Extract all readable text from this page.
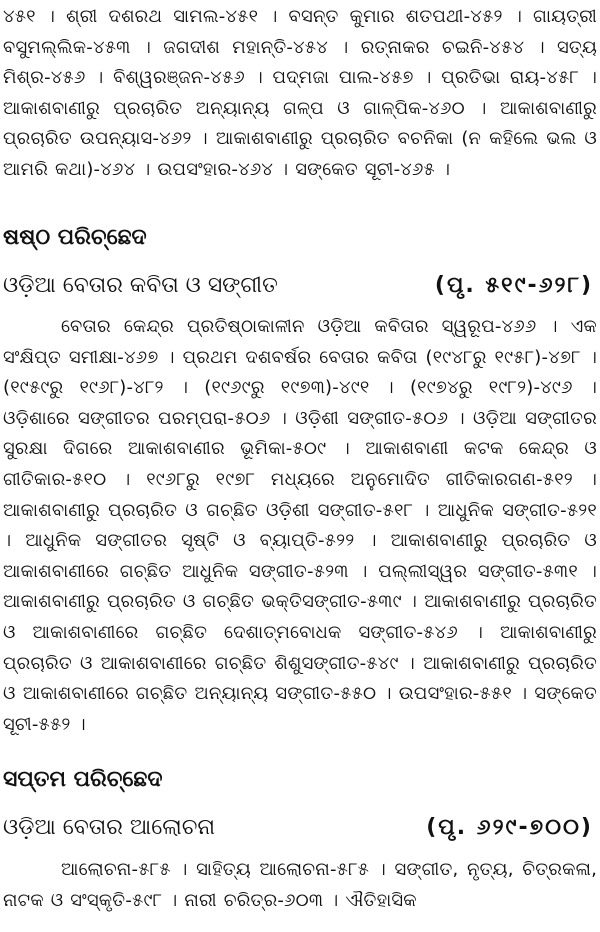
୪୫୧ । ଶ୍ରୀ ଦଶରଥ ସାମଲ-୪୫୧ । ବସନ୍ତ କୁମାର ଶତପଥୀ-୪୫୨ । ଗାୟତ୍ରୀ ବସୁମଲ୍ଲିକ-୪୫୩ । ଜଗଦୀଶ ମହାନ୍ତି-୪୫୪ । ରତ୍ନାକର ଚଇନି-୪୫୪ । ସତ୍ୟ ମିଶ୍ର-୪୫୬ । ବିଶ୍ୱରଞ୍ଜନ-୪୫୬ । ପଦ୍ମଜା ପାଲ-୪୫୭ । ପ୍ରତିଭା ରାୟ-୪୫୮ । ଆକାଶବାଣୀରୁ ପ୍ରଚାରିତ ଅନ୍ୟାନ୍ୟ ଗଳ୍ପ ଓ ଗାଳ୍ପିକ-୪୬୦ । ଆକାଶବାଣୀରୁ ପ୍ରଚାରିତ ଉପନ୍ୟାସ-୪୬୨ । ଆକାଶବାଣୀରୁ ପ୍ରଚାରିତ ବଚନିକା (ନ କହିଲେ ଭଲ ଓ ଆମରି କଥା)-୪୬୪ । ଉପସଂହାର-୪୬୪ । ସଙ୍କେତ ସୂଚୀ-୪୬୫ ।
ଷଷ୍ଠ ପରିଚ୍ଛେଦ
ଓଡ଼ିଆ ବେତାର କବିତା ଓ ସଙ୍ଗୀତ	(ପୃ. ୫୧୯-୬୨୮)
ବେତାର କେନ୍ଦ୍ର ପ୍ରତିଷ୍ଠାକାଳୀନ ଓଡ଼ିଆ କବିତାର ସ୍ୱରୂପ-୪୬୬ । ଏକ ସଂକ୍ଷିପ୍ତ ସମୀକ୍ଷା-୪୬୭ । ପ୍ରଥମ ଦଶବର୍ଷର ବେତାର କବିତା (୧୯୪୮ରୁ ୧୯୫୮)-୪୭୮ । (୧୯୫୯ରୁ ୧୯୬୮)-୪୮୨ । (୧୯୬୯ରୁ ୧୯୭୩)-୪୯୧ । (୧୯୭୪ରୁ ୧୯୮୨)-୪୯୬ । ଓଡ଼ିଶାରେ ସଙ୍ଗୀତର ପରମ୍ପରା-୫୦୬ । ଓଡ଼ିଶୀ ସଙ୍ଗୀତ-୫୦୬ । ଓଡ଼ିଆ ସଙ୍ଗୀତର ସୁରକ୍ଷା ଦିଗରେ ଆକାଶବାଣୀର ଭୂମିକା-୫୦୯ । ଆକାଶବାଣୀ କଟକ କେନ୍ଦ୍ର ଓ ଗୀତିକାର-୫୧୦ । ୧୯୬୮ରୁ ୧୯୭୮ ମଧ୍ୟରେ ଅନୁମୋଦିତ ଗୀତିକାରଗଣ-୫୧୨ । ଆକାଶବାଣୀରୁ ପ୍ରଚାରିତ ଓ ଗଚ୍ଛିତ ଓଡ଼ିଶୀ ସଙ୍ଗୀତ-୫୧୮ । ଆଧୁନିକ ସଙ୍ଗୀତ-୫୨୧ । ଆଧୁନିକ ସଙ୍ଗୀତର ସୃଷ୍ଟି ଓ ବ୍ୟାପ୍ତି-୫୨୨ । ଆକାଶବାଣୀରୁ ପ୍ରଚାରିତ ଓ ଆକାଶବାଣୀରେ ଗଚ୍ଛିତ ଆଧୁନିକ ସଙ୍ଗୀତ-୫୨୩ । ପଲ୍ଲୀସ୍ୱର ସଙ୍ଗୀତ-୫୩୧ । ଆକାଶବାଣୀରୁ ପ୍ରଚାରିତ ଓ ଗଚ୍ଛିତ ଭକ୍ତିସଙ୍ଗୀତ-୫୩୯ । ଆକାଶବାଣୀରୁ ପ୍ରଚାରିତ ଓ ଆକାଶବାଣୀରେ ଗଚ୍ଛିତ ଦେଶାତ୍ମବୋଧକ ସଙ୍ଗୀତ-୫୪୬ । ଆକାଶବାଣୀରୁ ପ୍ରଚାରିତ ଓ ଆକାଶବାଣୀରେ ଗଚ୍ଛିତ ଶିଶୁସଙ୍ଗୀତ-୫୪୯ । ଆକାଶବାଣୀରୁ ପ୍ରଚାରିତ ଓ ଆକାଶବାଣୀରେ ଗଚ୍ଛିତ ଅନ୍ୟାନ୍ୟ ସଙ୍ଗୀତ-୫୫୦ । ଉପସଂହାର-୫୫୧ । ସଙ୍କେତ ସୂଚୀ-୫୫୨ ।
ସପ୍ତମ ପରିଚ୍ଛେଦ
ଓଡ଼ିଆ ବେତାର ଆଲୋଚନା	(ପୃ. ୬୨୯-୭୦୦)
ଆଲୋଚନା-୫୮୫ । ସାହିତ୍ୟ ଆଲୋଚନା-୫୮୫ । ସଙ୍ଗୀତ, ନୃତ୍ୟ, ଚିତ୍ରକଳା, ନାଟକ ଓ ସଂସ୍କୃତି-୫୯୮ । ନାରୀ ଚରିତ୍ର-୬୦୩ । ଐତିହାସିକ
